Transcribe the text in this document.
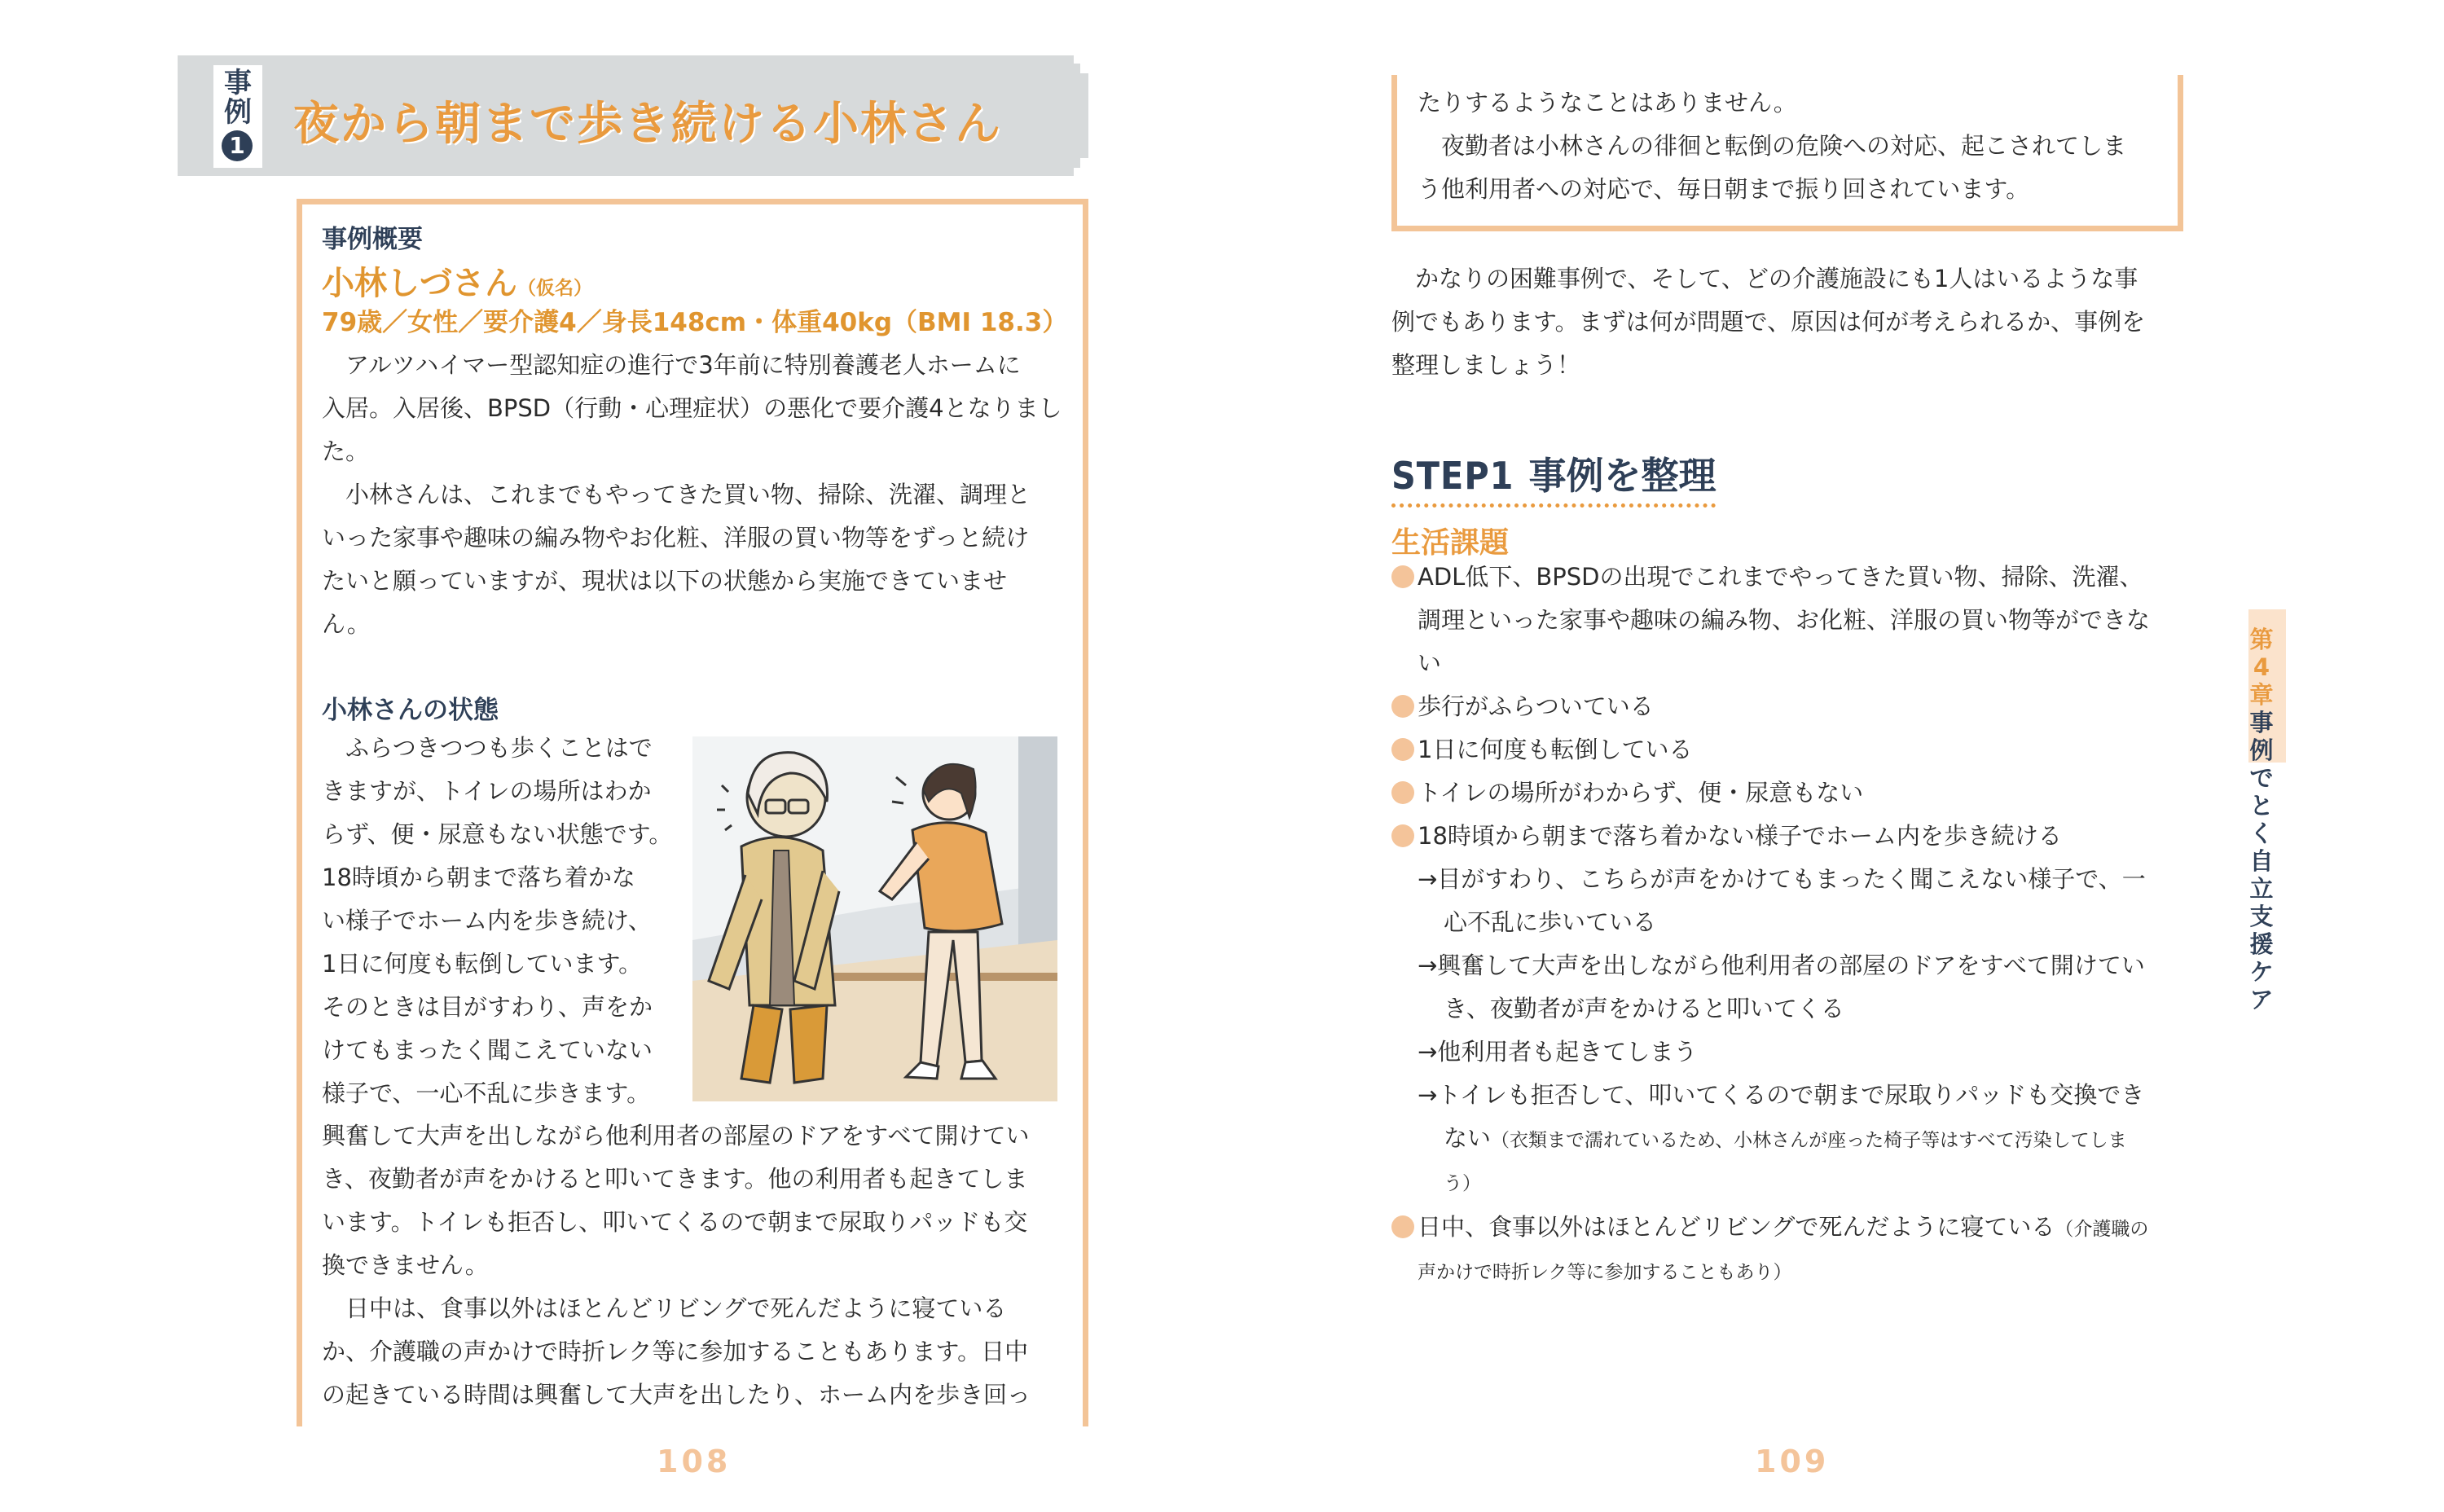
事例
1 夜から朝まで歩き続ける小林さん
事例概要
小林しづさん（仮名）
79歳／女性／要介護4／身長148cm・体重40kg（BMI 18.3）
　アルツハイマー型認知症の進行で3年前に特別養護老人ホームに
入居。入居後、BPSD（行動・心理症状）の悪化で要介護4となりまし
た。
　小林さんは、これまでもやってきた買い物、掃除、洗濯、調理と
いった家事や趣味の編み物やお化粧、洋服の買い物等をずっと続け
たいと願っていますが、現状は以下の状態から実施できていませ
ん。
小林さんの状態
　ふらつきつつも歩くことはで
きますが、トイレの場所はわか
らず、便・尿意もない状態です。
18時頃から朝まで落ち着かな
い様子でホーム内を歩き続け、
1日に何度も転倒しています。
そのときは目がすわり、声をか
けてもまったく聞こえていない
様子で、一心不乱に歩きます。
興奮して大声を出しながら他利用者の部屋のドアをすべて開けてい
き、夜勤者が声をかけると叩いてきます。他の利用者も起きてしま
います。トイレも拒否し、叩いてくるので朝まで尿取りパッドも交
換できません。
　日中は、食事以外はほとんどリビングで死んだように寝ている
か、介護職の声かけで時折レク等に参加することもあります。日中
の起きている時間は興奮して大声を出したり、ホーム内を歩き回っ
108
たりするようなことはありません。
　夜勤者は小林さんの徘徊と転倒の危険への対応、起こされてしま
う他利用者への対応で、毎日朝まで振り回されています。
　かなりの困難事例で、そして、どの介護施設にも1人はいるような事
例でもあります。まずは何が問題で、原因は何が考えられるか、事例を
整理しましょう！
STEP1 事例を整理
生活課題
ADL低下、BPSDの出現でこれまでやってきた買い物、掃除、洗濯、
調理といった家事や趣味の編み物、お化粧、洋服の買い物等ができな
い
歩行がふらついている
1日に何度も転倒している
トイレの場所がわからず、便・尿意もない
18時頃から朝まで落ち着かない様子でホーム内を歩き続ける
→目がすわり、こちらが声をかけてもまったく聞こえない様子で、一
心不乱に歩いている
→興奮して大声を出しながら他利用者の部屋のドアをすべて開けてい
き、夜勤者が声をかけると叩いてくる
→他利用者も起きてしまう
→トイレも拒否して、叩いてくるので朝まで尿取りパッドも交換でき
ない（衣類まで濡れているため、小林さんが座った椅子等はすべて汚染してしま
う）
日中、食事以外はほとんどリビングで死んだように寝ている（介護職の
声かけで時折レク等に参加することもあり）
第
4
章
事
例
で
と
く
自
立
支
援
ケ
ア
109
